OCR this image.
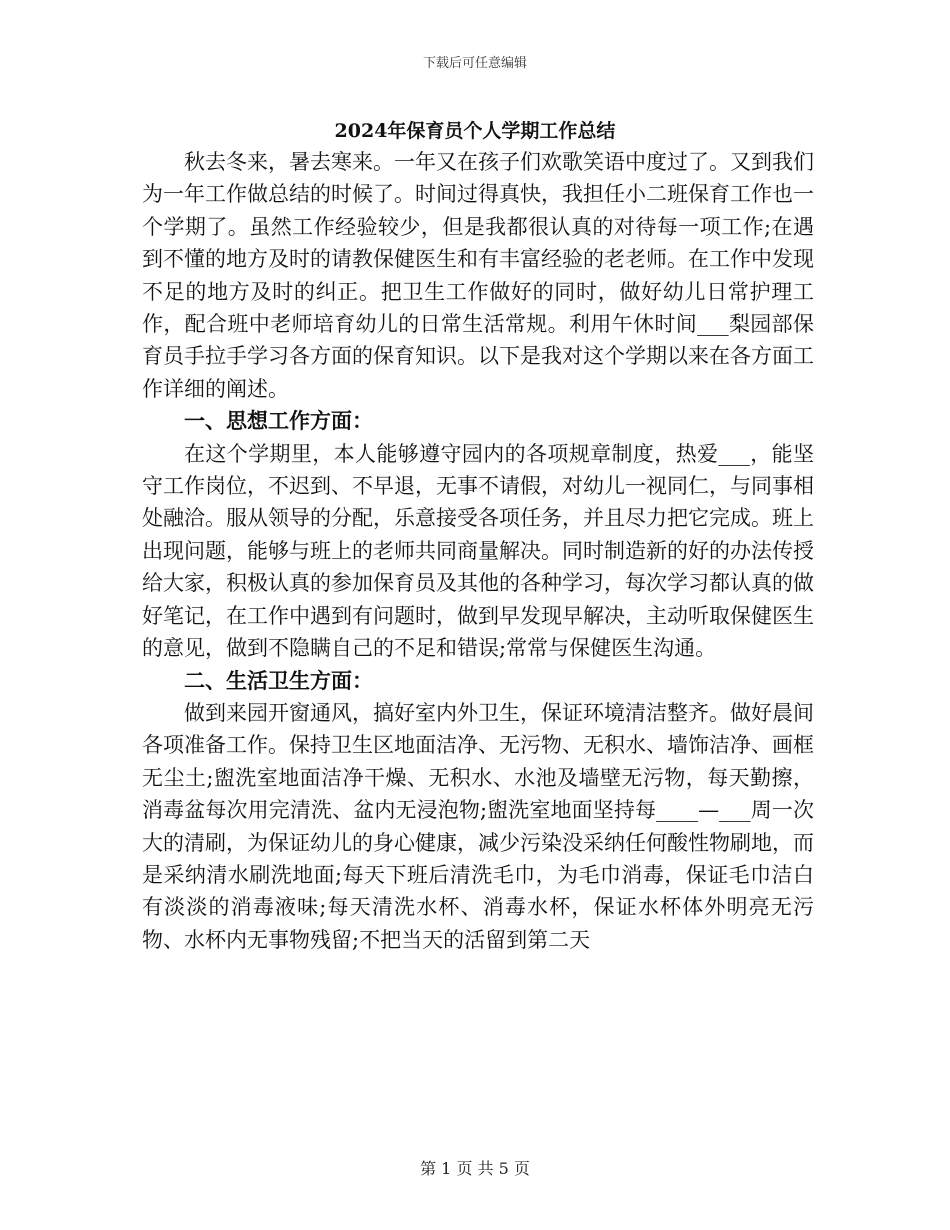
下载后可任意编辑
2024年保育员个人学期工作总结

秋去冬来，暑去寒来。一年又在孩子们欢歌笑语中度过了。又到我们为一年工作做总结的时候了。时间过得真快，我担任小二班保育工作也一个学期了。虽然工作经验较少，但是我都很认真的对待每一项工作;在遇到不懂的地方及时的请教保健医生和有丰富经验的老老师。在工作中发现不足的地方及时的纠正。把卫生工作做好的同时，做好幼儿日常护理工作，配合班中老师培育幼儿的日常生活常规。利用午休时间___梨园部保育员手拉手学习各方面的保育知识。以下是我对这个学期以来在各方面工作详细的阐述。

一、思想工作方面：

在这个学期里，本人能够遵守园内的各项规章制度，热爱___，能坚守工作岗位，不迟到、不早退，无事不请假，对幼儿一视同仁，与同事相处融洽。服从领导的分配，乐意接受各项任务，并且尽力把它完成。班上出现问题，能够与班上的老师共同商量解决。同时制造新的好的办法传授给大家，积极认真的参加保育员及其他的各种学习，每次学习都认真的做好笔记，在工作中遇到有问题时，做到早发现早解决，主动听取保健医生的意见，做到不隐瞒自己的不足和错误;常常与保健医生沟通。

二、生活卫生方面：

做到来园开窗通风，搞好室内外卫生，保证环境清洁整齐。做好晨间各项准备工作。保持卫生区地面洁净、无污物、无积水、墙饰洁净、画框无尘土;盥洗室地面洁净干燥、无积水、水池及墙壁无污物，每天勤擦，消毒盆每次用完清洗、盆内无浸泡物;盥洗室地面坚持每____—___周一次大的清刷，为保证幼儿的身心健康，减少污染没采纳任何酸性物刷地，而是采纳清水刷洗地面;每天下班后清洗毛巾，为毛巾消毒，保证毛巾洁白有淡淡的消毒液味;每天清洗水杯、消毒水杯，保证水杯体外明亮无污物、水杯内无事物残留;不把当天的活留到第二天

第 1 页 共 5 页
